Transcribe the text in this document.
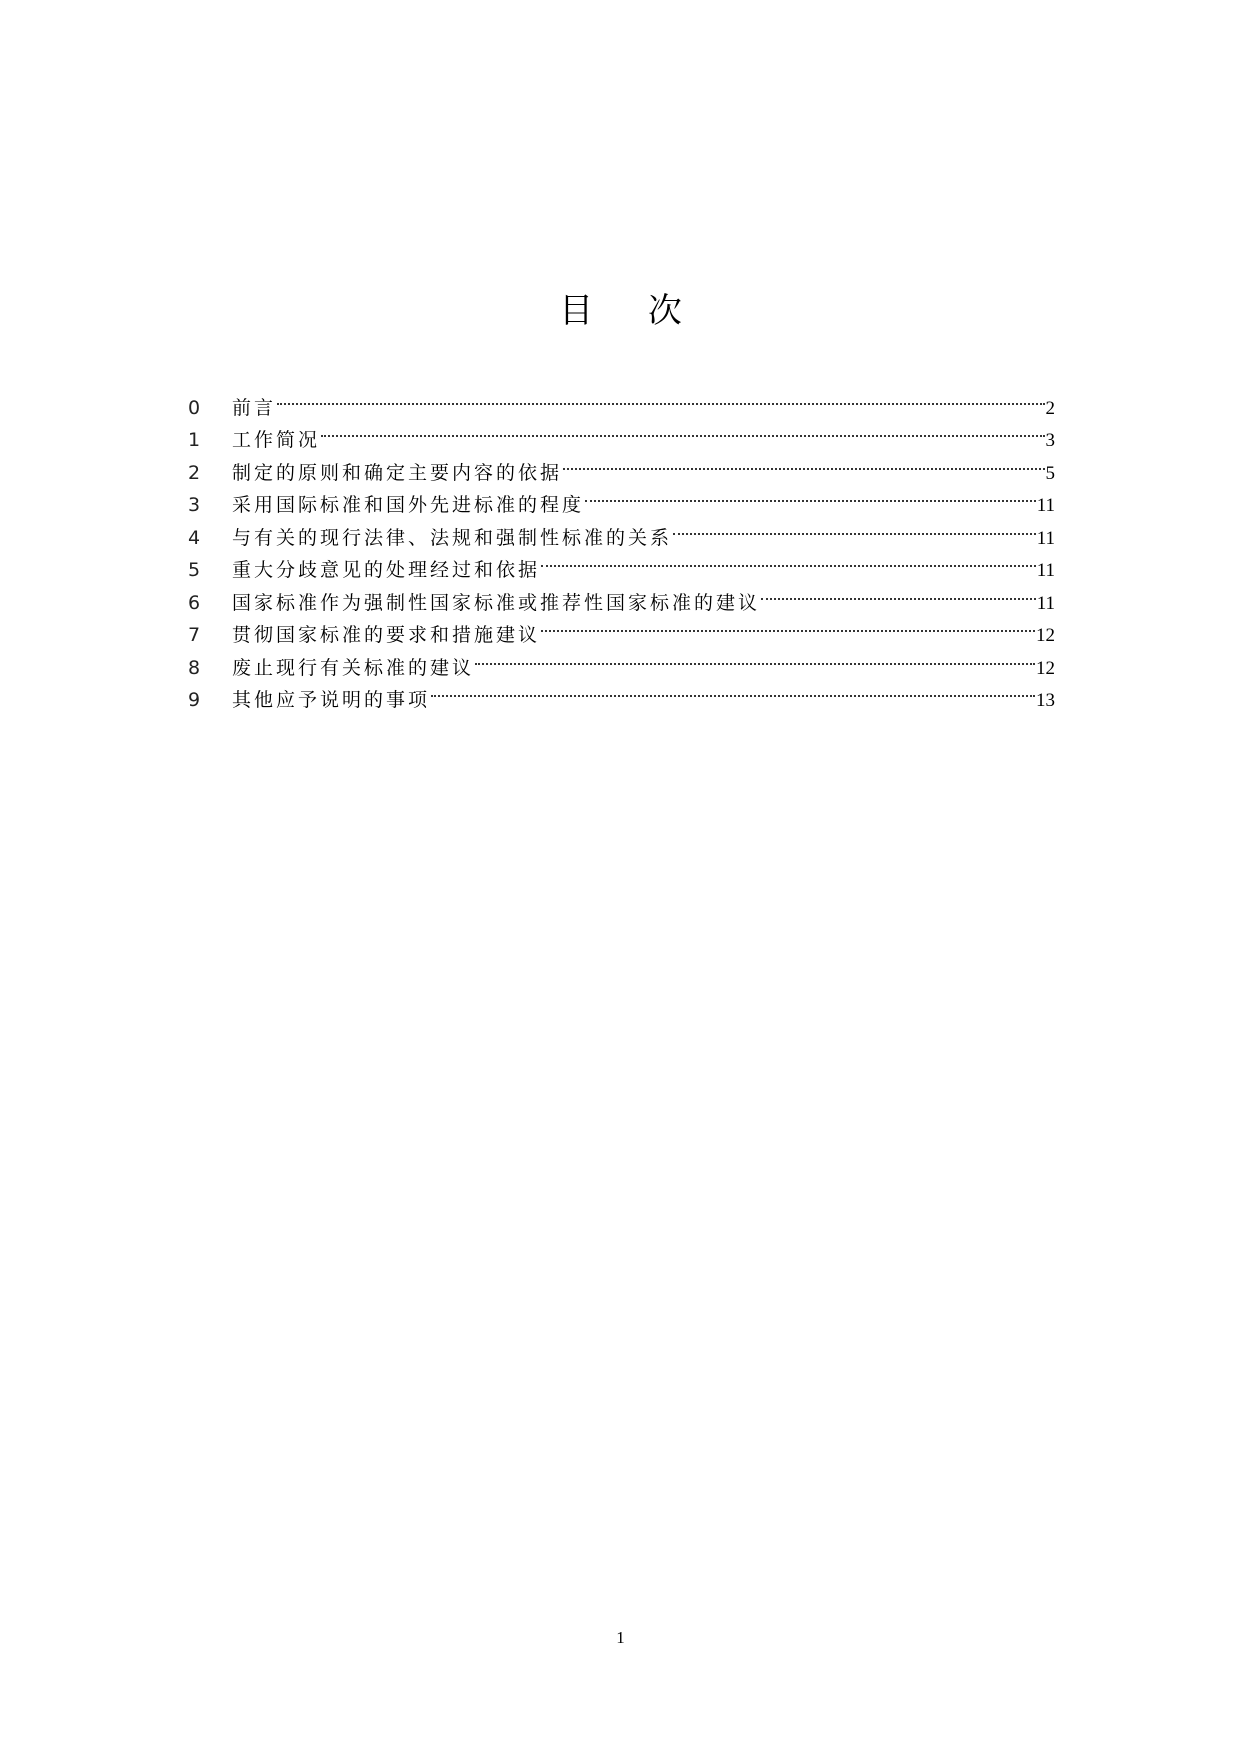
目 次
0	前言	2
1	工作简况	3
2	制定的原则和确定主要内容的依据	5
3	采用国际标准和国外先进标准的程度	11
4	与有关的现行法律、法规和强制性标准的关系	11
5	重大分歧意见的处理经过和依据	11
6	国家标准作为强制性国家标准或推荐性国家标准的建议	11
7	贯彻国家标准的要求和措施建议	12
8	废止现行有关标准的建议	12
9	其他应予说明的事项	13
1
